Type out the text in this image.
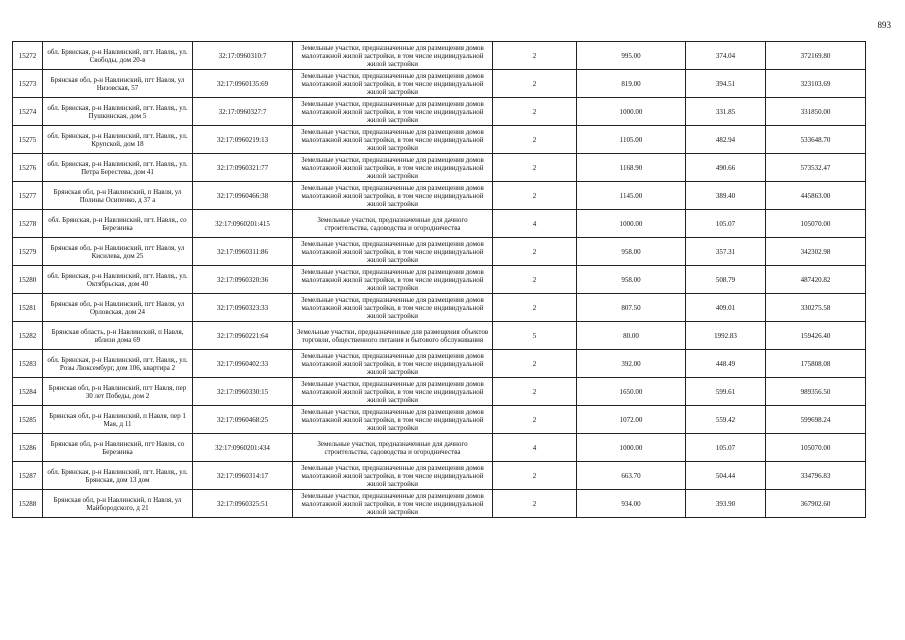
893
15272	обл. Брянская, р-н Навлинский, пгт. Навля,, ул. Свободы, дом 20-в	32:17:0960310:7	Земельные участки, предназначенные для размещения домов малоэтажной жилой застройки, в том числе индивидуальной жилой застройки	2	995.00	374.04	372169.80
15273	Брянская обл, р-н Навлинский, пгт Навля, ул Низовская, 57	32:17:0960135:69	Земельные участки, предназначенные для размещения домов малоэтажной жилой застройки, в том числе индивидуальной жилой застройки	2	819.00	394.51	323103.69
15274	обл. Брянская, р-н Навлинский, пгт. Навля,, ул. Пушкинская, дом 5	32:17:0960327:7	Земельные участки, предназначенные для размещения домов малоэтажной жилой застройки, в том числе индивидуальной жилой застройки	2	1000.00	331.85	331850.00
15275	обл. Брянская, р-н Навлинский, пгт. Навля,, ул. Крупской, дом 18	32:17:0960219:13	Земельные участки, предназначенные для размещения домов малоэтажной жилой застройки, в том числе индивидуальной жилой застройки	2	1105.00	482.94	533648.70
15276	обл. Брянская, р-н Навлинский, пгт. Навля,, ул. Петра Берестева, дом 41	32:17:0960321:77	Земельные участки, предназначенные для размещения домов малоэтажной жилой застройки, в том числе индивидуальной жилой застройки	2	1168.90	490.66	573532.47
15277	Брянская обл, р-н Навлинский, п Навля, ул Полины Осипенко, д 37 а	32:17:0960466:38	Земельные участки, предназначенные для размещения домов малоэтажной жилой застройки, в том числе индивидуальной жилой застройки	2	1145.00	389.40	445863.00
15278	обл. Брянская, р-н Навлинский, пгт. Навля,, со Березинка	32:17:0960201:415	Земельные участки, предназначенные для дачного строительства, садоводства и огородничества	4	1000.00	105.07	105070.00
15279	Брянская обл, р-н Навлинский, пгт Навля, ул Кисилева, дом 25	32:17:0960311:86	Земельные участки, предназначенные для размещения домов малоэтажной жилой застройки, в том числе индивидуальной жилой застройки	2	958.00	357.31	342302.98
15280	обл. Брянская, р-н Навлинский, пгт. Навля,, ул. Октябрьская, дом 40	32:17:0960320:36	Земельные участки, предназначенные для размещения домов малоэтажной жилой застройки, в том числе индивидуальной жилой застройки	2	958.00	508.79	487420.82
15281	Брянская обл, р-н Навлинский, пгт Навля, ул Орловская, дом 24	32:17:0960323:33	Земельные участки, предназначенные для размещения домов малоэтажной жилой застройки, в том числе индивидуальной жилой застройки	2	807.50	409.01	330275.58
15282	Брянская область, р-н Навлинский, п Навля, вблизи дома 69	32:17:0960221:64	Земельные участки, предназначенные для размещения объектов торговли, общественного питания и бытового обслуживания	5	80.00	1992.83	159426.40
15283	обл. Брянская, р-н Навлинский, пгт. Навля,, ул. Розы Люксембург, дом 106, квартира 2	32:17:0960402:33	Земельные участки, предназначенные для размещения домов малоэтажной жилой застройки, в том числе индивидуальной жилой застройки	2	392.00	448.49	175808.08
15284	Брянская обл, р-н Навлинский, пгт Навля, пер 30 лет Победы, дом 2	32:17:0960330:15	Земельные участки, предназначенные для размещения домов малоэтажной жилой застройки, в том числе индивидуальной жилой застройки	2	1650.00	599.61	989356.50
15285	Брянская обл, р-н Навлинский, п Навля, пер 1 Мая, д 11	32:17:0960468:25	Земельные участки, предназначенные для размещения домов малоэтажной жилой застройки, в том числе индивидуальной жилой застройки	2	1072.00	559.42	599698.24
15286	Брянская обл, р-н Навлинский, пгт Навля, со Березинка	32:17:0960201:434	Земельные участки, предназначенные для дачного строительства, садоводства и огородничества	4	1000.00	105.07	105070.00
15287	обл. Брянская, р-н Навлинский, пгт. Навля,, ул. Брянская, дом 13 дом	32:17:0960314:17	Земельные участки, предназначенные для размещения домов малоэтажной жилой застройки, в том числе индивидуальной жилой застройки	2	663.70	504.44	334796.83
15288	Брянская обл, р-н Навлинский, п Навля, ул Майбородского, д 21	32:17:0960325:51	Земельные участки, предназначенные для размещения домов малоэтажной жилой застройки, в том числе индивидуальной жилой застройки	2	934.00	393.90	367902.60
